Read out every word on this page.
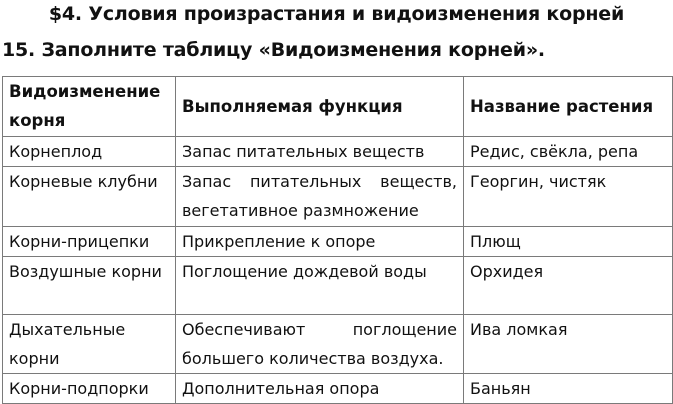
$4. Условия произрастания и видоизменения корней
15. Заполните таблицу «Видоизменения корней».
Видоизменение корня	Выполняемая функция	Название растения
Корнеплод	Запас питательных веществ	Редис, свёкла, репа
Корневые клубни	Запас питательных веществ, вегетативное размножение	Георгин, чистяк
Корни-прицепки	Прикрепление к опоре	Плющ
Воздушные корни	Поглощение дождевой воды	Орхидея
Дыхательные корни	Обеспечивают поглощение большего количества воздуха.	Ива ломкая
Корни-подпорки	Дополнительная опора	Баньян
